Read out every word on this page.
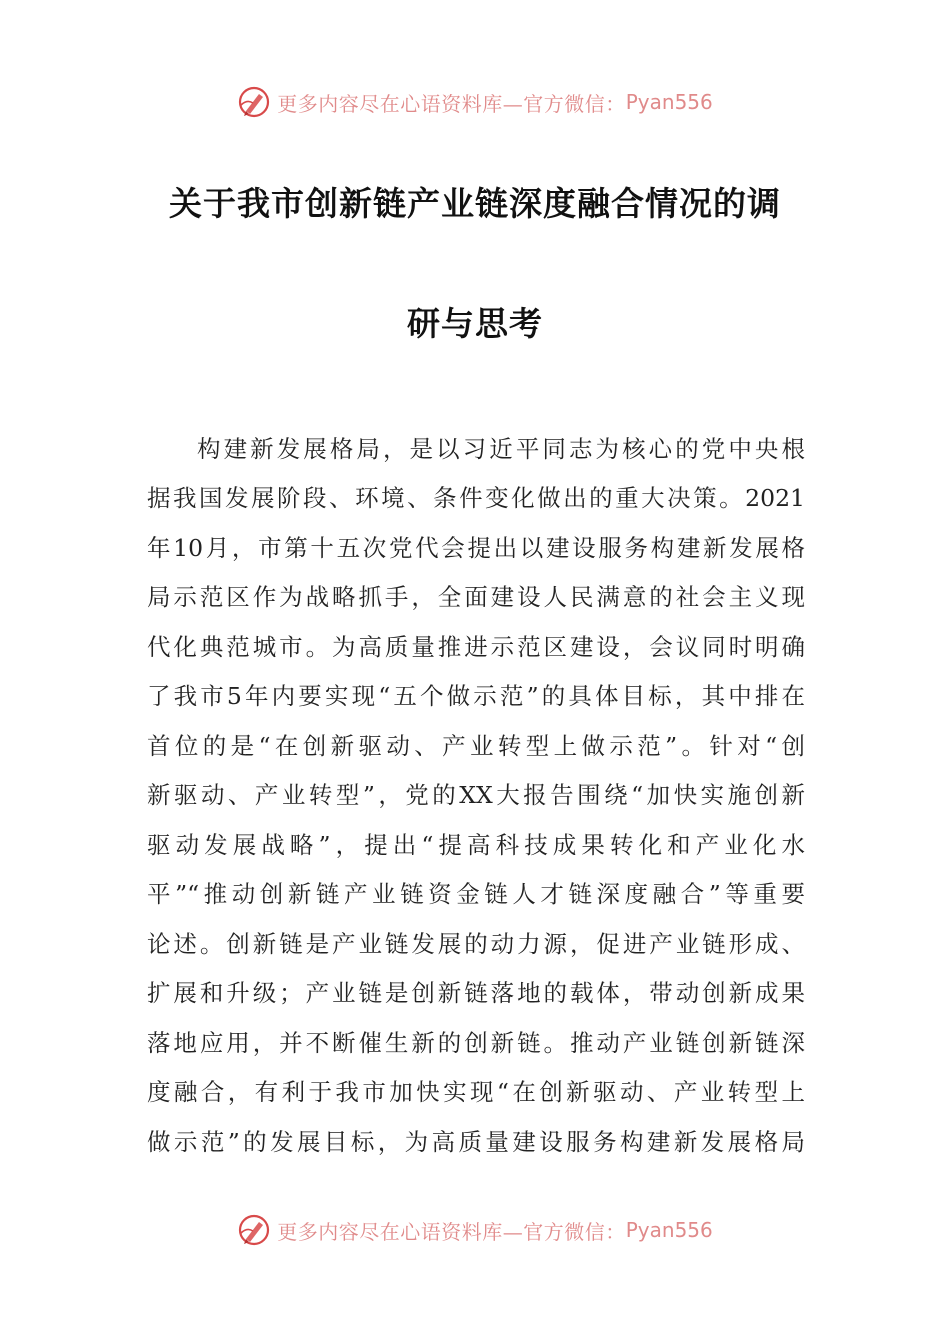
更多内容尽在心语资料库—官方微信： Pyan556
关于我市创新链产业链深度融合情况的调
研与思考
构建新发展格局，是以习近平同志为核心的党中央根
据我国发展阶段、环境、条件变化做出的重大决策。2021
年10月，市第十五次党代会提出以建设服务构建新发展格
局示范区作为战略抓手，全面建设人民满意的社会主义现
代化典范城市。为高质量推进示范区建设，会议同时明确
了我市5年内要实现“五个做示范”的具体目标，其中排在
首位的是“在创新驱动、产业转型上做示范”。针对“创
新驱动、产业转型”，党的XX大报告围绕“加快实施创新
驱动发展战略”，提出“提高科技成果转化和产业化水
平”“推动创新链产业链资金链人才链深度融合”等重要
论述。创新链是产业链发展的动力源，促进产业链形成、
扩展和升级；产业链是创新链落地的载体，带动创新成果
落地应用，并不断催生新的创新链。推动产业链创新链深
度融合，有利于我市加快实现“在创新驱动、产业转型上
做示范”的发展目标，为高质量建设服务构建新发展格局
更多内容尽在心语资料库—官方微信： Pyan556
